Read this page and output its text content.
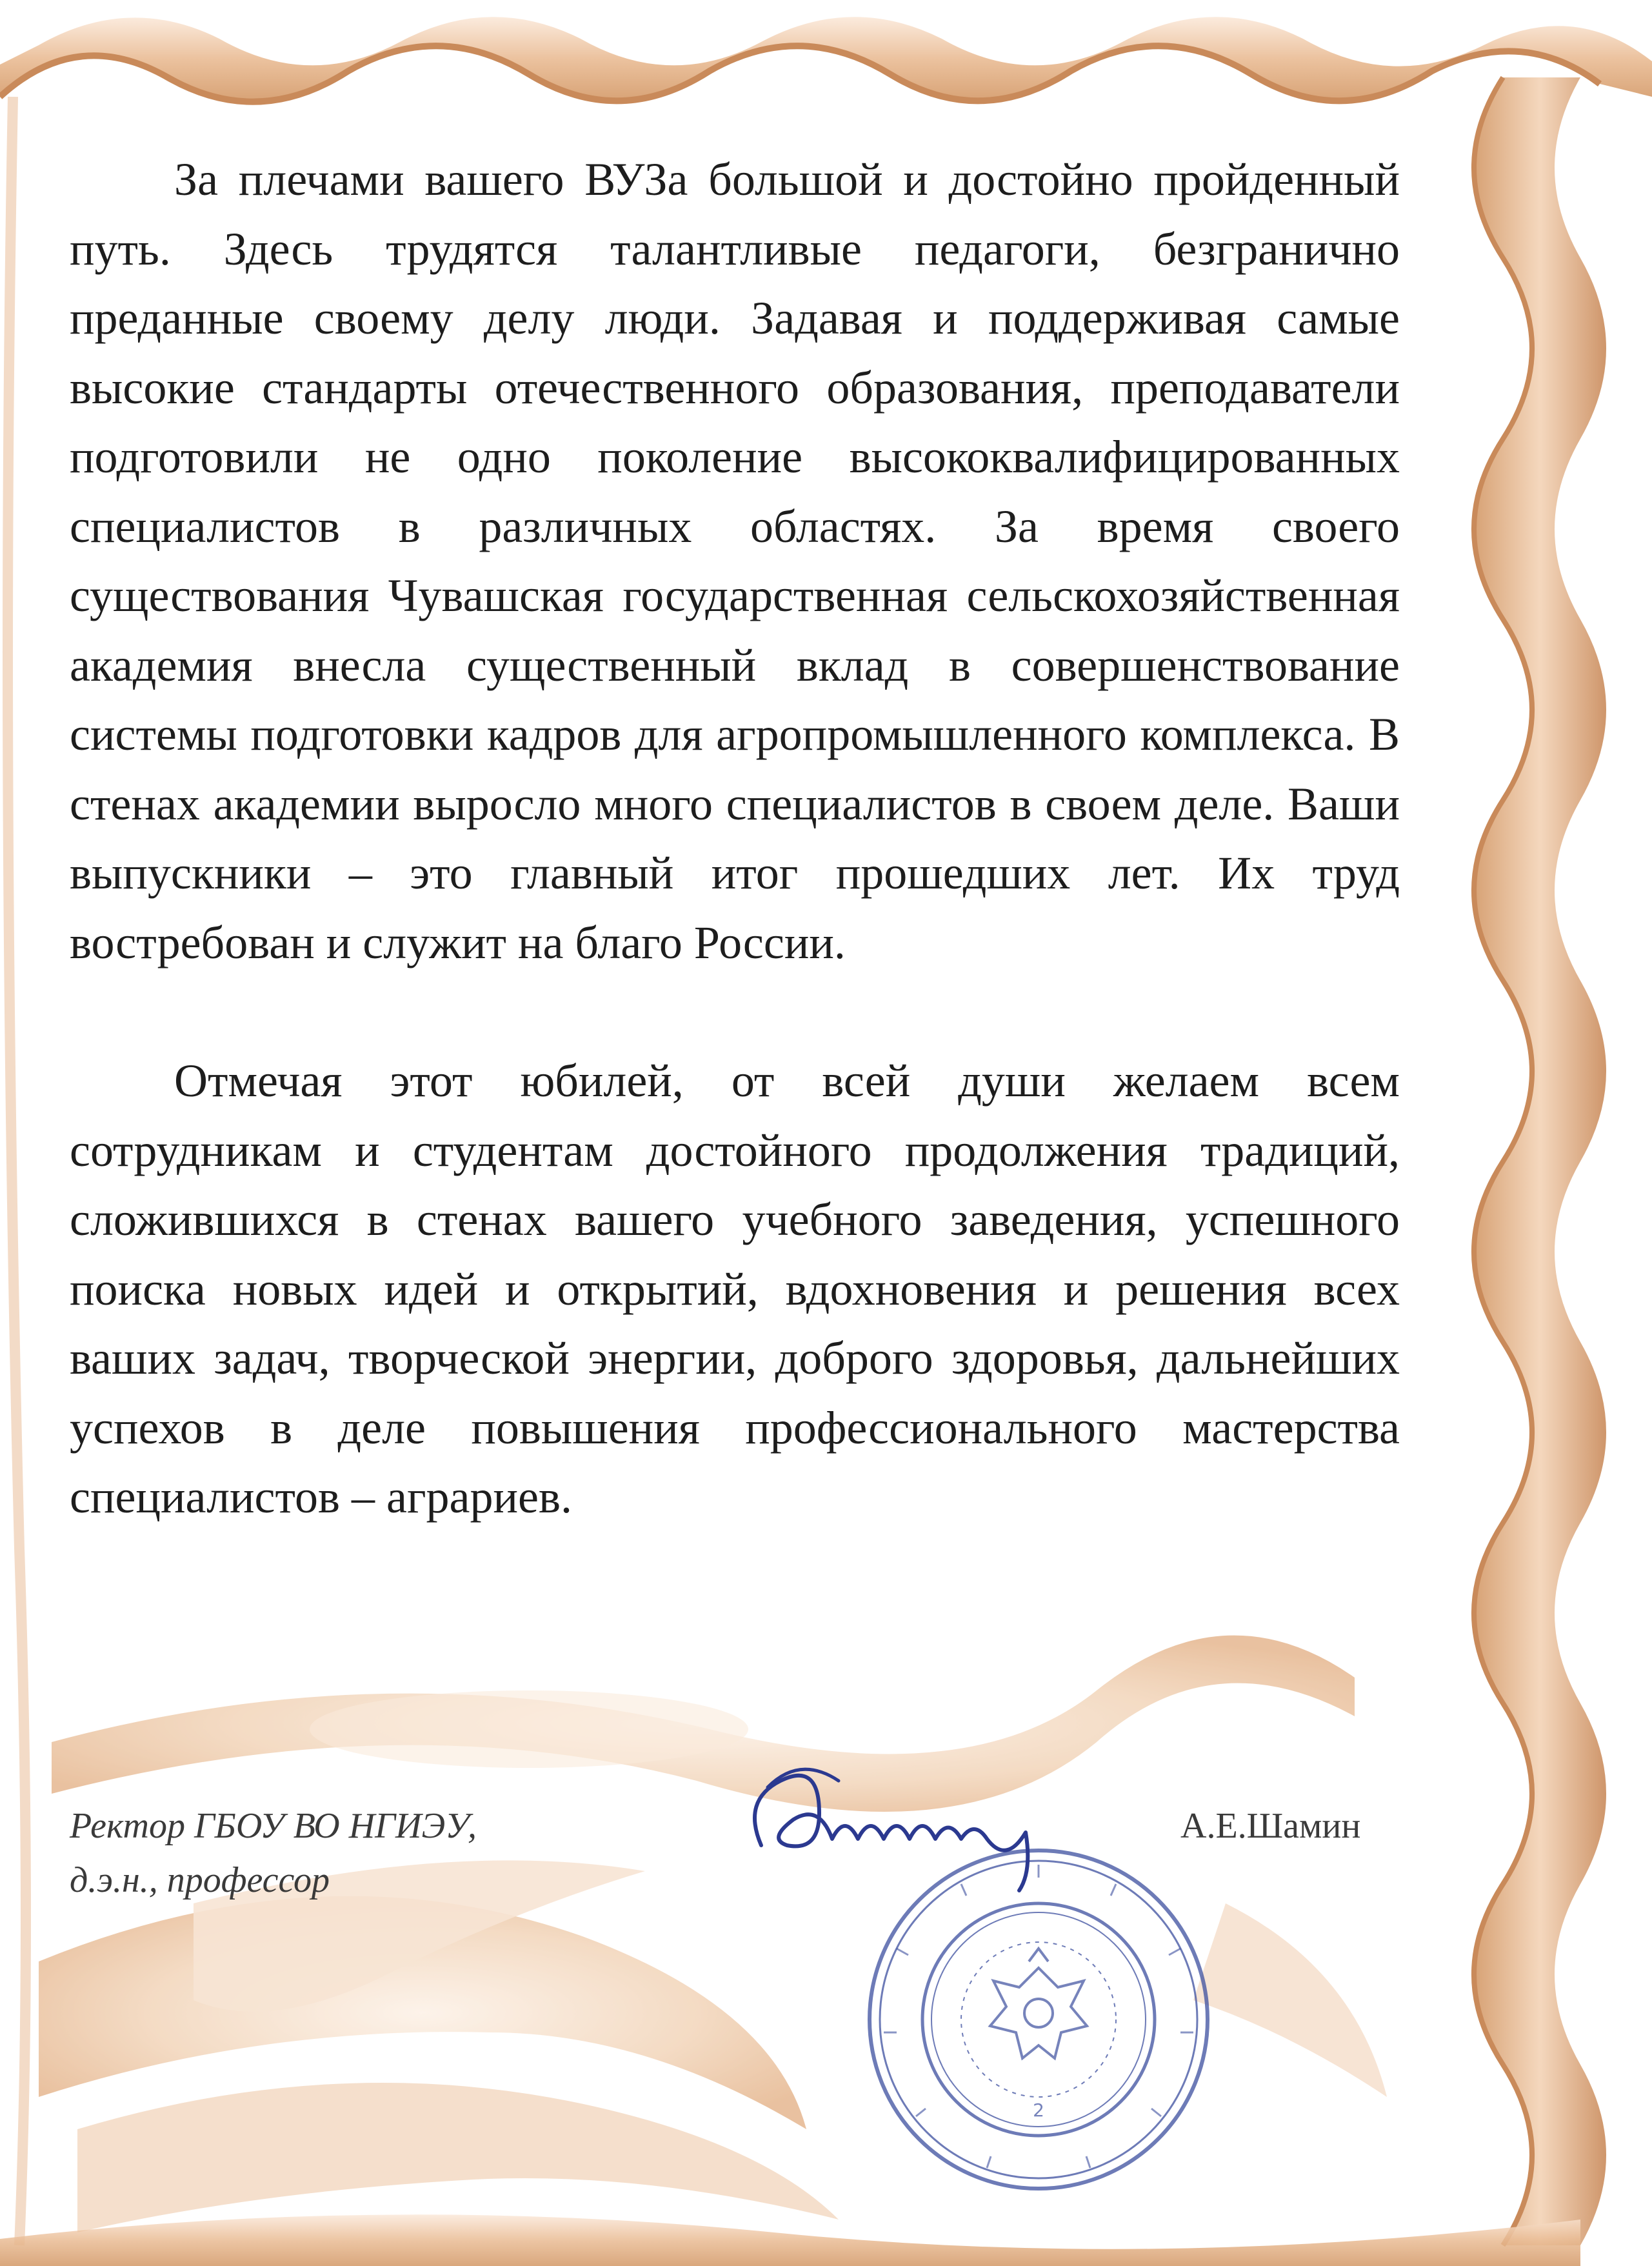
За плечами вашего ВУЗа большой и достойно пройденный путь. Здесь трудятся талантливые педагоги, безгранично преданные своему делу люди. Задавая и поддерживая самые высокие стандарты отечественного образования, преподаватели подготовили не одно поколение высококвалифицированных специалистов в различных областях. За время своего существования Чувашская государственная сельскохозяйственная академия внесла существенный вклад в совершенствование системы подготовки кадров для агропромышленного комплекса. В стенах академии выросло много специалистов в своем деле. Ваши выпускники – это главный итог прошедших лет. Их труд востребован и служит на благо России.

Отмечая этот юбилей, от всей души желаем всем сотрудникам и студентам достойного продолжения традиций, сложившихся в стенах вашего учебного заведения, успешного поиска новых идей и открытий, вдохновения и решения всех ваших задач, творческой энергии, доброго здоровья, дальнейших успехов в деле повышения профессионального мастерства специалистов – аграриев.

Ректор ГБОУ ВО НГИЭУ,
д.э.н., профессор
А.Е.Шамин
2
